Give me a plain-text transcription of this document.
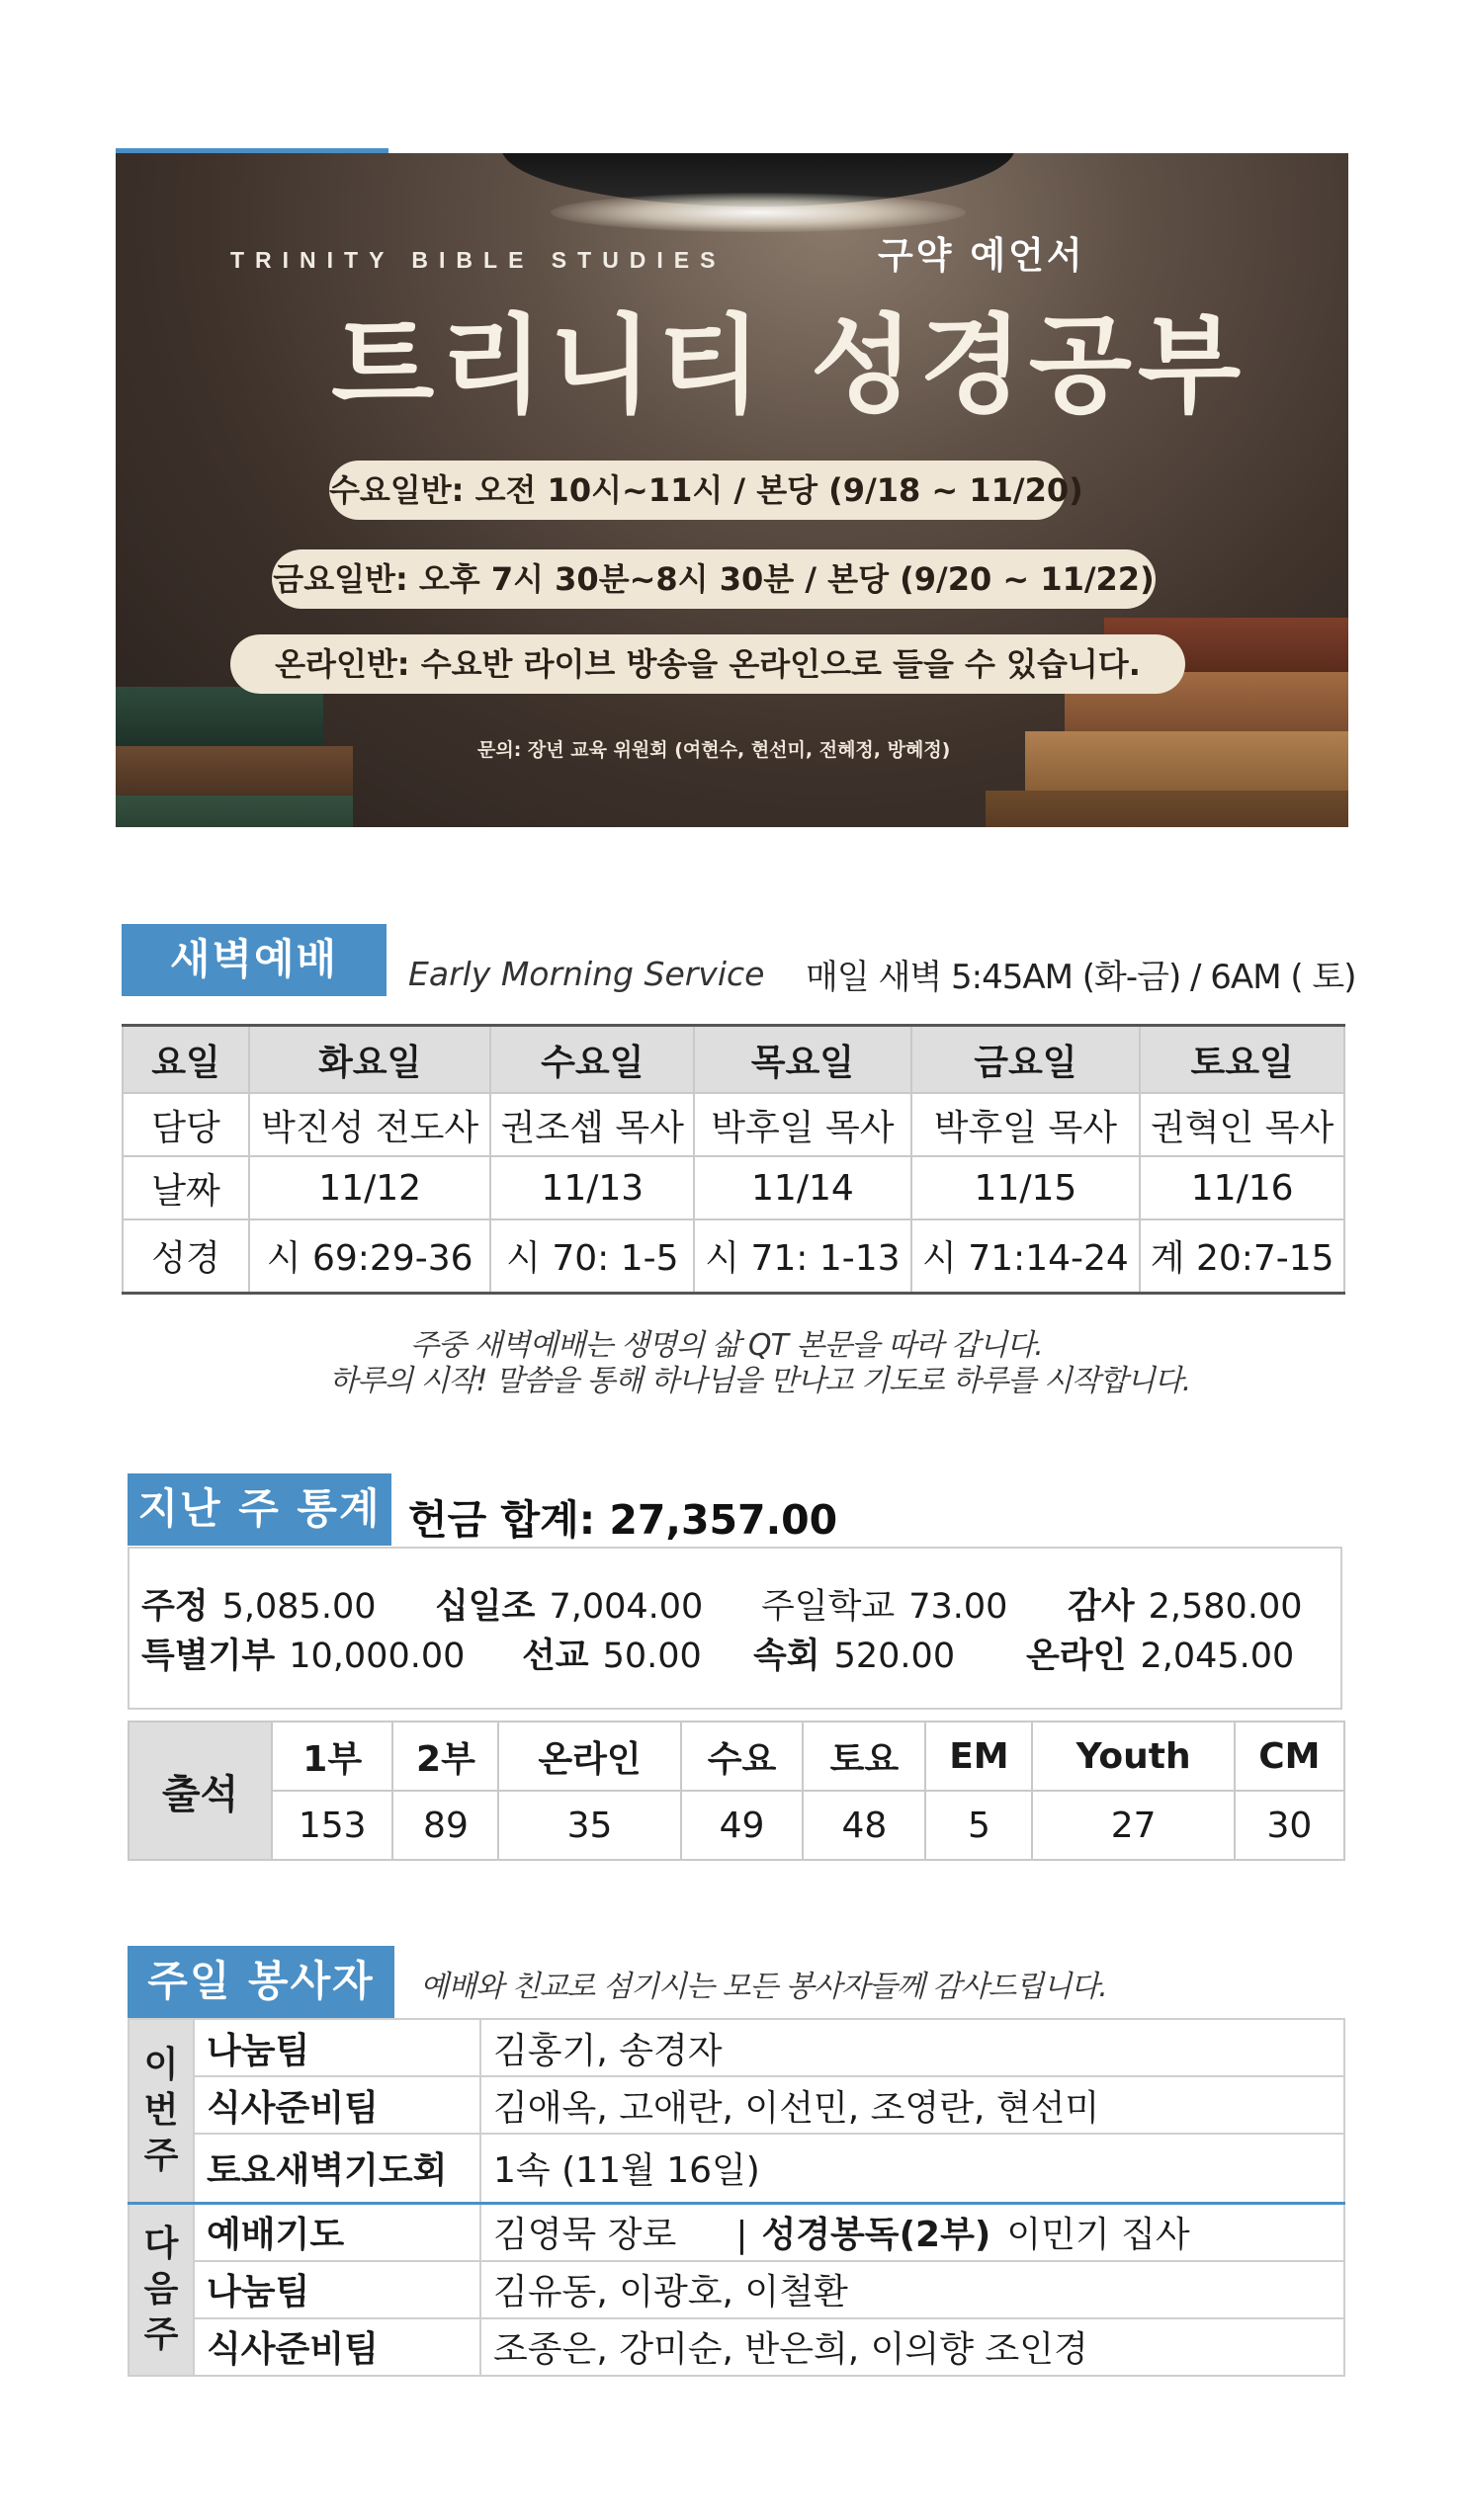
TRINITY BIBLE STUDIES	구약 예언서
트리니티 성경공부
수요일반: 오전 10시~11시 / 본당 (9/18 ~ 11/20)
금요일반: 오후 7시 30분~8시 30분 / 본당 (9/20 ~ 11/22)
온라인반: 수요반 라이브 방송을 온라인으로 들을 수 있습니다.
문의: 장년 교육 위원회 (여현수, 현선미, 전혜정, 방혜정)
새벽예배	Early Morning Service 매일 새벽 5:45AM (화-금) / 6AM ( 토)
요일	화요일	수요일	목요일	금요일	토요일
담당	박진성 전도사	권조셉 목사	박후일 목사	박후일 목사	권혁인 목사
날짜	11/12	11/13	11/14	11/15	11/16
성경	시 69:29-36	시 70: 1-5	시 71: 1-13	시 71:14-24	계 20:7-15
주중 새벽예배는 생명의 삶 QT 본문을 따라 갑니다.
하루의 시작! 말씀을 통해 하나님을 만나고 기도로 하루를 시작합니다.
지난 주 통계 헌금 합계: 27,357.00
주정 5,085.00 십일조 7,004.00 주일학교 73.00 감사 2,580.00
특별기부 10,000.00 선교 50.00 속회 520.00 온라인 2,045.00
출석	1부	2부	온라인	수요	토요	EM	Youth	CM
	153	89	35	49	48	5	27	30
주일 봉사자	예배와 친교로 섬기시는 모든 봉사자들께 감사드립니다.
이
번
주	나눔팀	김홍기, 송경자
	식사준비팀	김애옥, 고애란, 이선민, 조영란, 현선미
	토요새벽기도회	1속 (11월 16일)
다
음
주	예배기도	김영묵 장로 | 성경봉독(2부) 이민기 집사
	나눔팀	김유동, 이광호, 이철환
	식사준비팀	조종은, 강미순, 반은희, 이의향 조인경
